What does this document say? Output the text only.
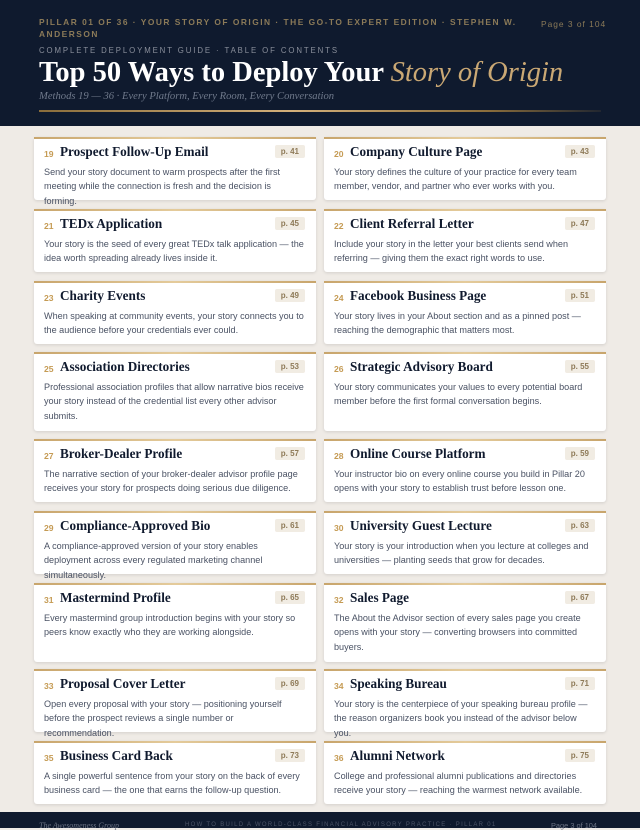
PILLAR 01 OF 36 · YOUR STORY OF ORIGIN · THE GO-TO EXPERT EDITION · STEPHEN W. ANDERSON
Page 3 of 104
COMPLETE DEPLOYMENT GUIDE · TABLE OF CONTENTS
Top 50 Ways to Deploy Your Story of Origin
Methods 19 — 36 · Every Platform, Every Room, Every Conversation
19 Prospect Follow-Up Email	p. 41
Send your story document to warm prospects after the first meeting while the connection is fresh and the decision is forming.
20 Company Culture Page	p. 43
Your story defines the culture of your practice for every team member, vendor, and partner who ever works with you.
21 TEDx Application	p. 45
Your story is the seed of every great TEDx talk application — the idea worth spreading already lives inside it.
22 Client Referral Letter	p. 47
Include your story in the letter your best clients send when referring — giving them the exact right words to use.
23 Charity Events	p. 49
When speaking at community events, your story connects you to the audience before your credentials ever could.
24 Facebook Business Page	p. 51
Your story lives in your About section and as a pinned post — reaching the demographic that matters most.
25 Association Directories	p. 53
Professional association profiles that allow narrative bios receive your story instead of the credential list every other advisor submits.
26 Strategic Advisory Board	p. 55
Your story communicates your values to every potential board member before the first formal conversation begins.
27 Broker-Dealer Profile	p. 57
The narrative section of your broker-dealer advisor profile page receives your story for prospects doing serious due diligence.
28 Online Course Platform	p. 59
Your instructor bio on every online course you build in Pillar 20 opens with your story to establish trust before lesson one.
29 Compliance-Approved Bio	p. 61
A compliance-approved version of your story enables deployment across every regulated marketing channel simultaneously.
30 University Guest Lecture	p. 63
Your story is your introduction when you lecture at colleges and universities — planting seeds that grow for decades.
31 Mastermind Profile	p. 65
Every mastermind group introduction begins with your story so peers know exactly who they are working alongside.
32 Sales Page	p. 67
The About the Advisor section of every sales page you create opens with your story — converting browsers into committed buyers.
33 Proposal Cover Letter	p. 69
Open every proposal with your story — positioning yourself before the prospect reviews a single number or recommendation.
34 Speaking Bureau	p. 71
Your story is the centerpiece of your speaking bureau profile — the reason organizers book you instead of the advisor below you.
35 Business Card Back	p. 73
A single powerful sentence from your story on the back of every business card — the one that earns the follow-up question.
36 Alumni Network	p. 75
College and professional alumni publications and directories receive your story — reaching the warmest network available.
The Awesomeness Group	HOW TO BUILD A WORLD-CLASS FINANCIAL ADVISORY PRACTICE · PILLAR 01	Page 3 of 104
